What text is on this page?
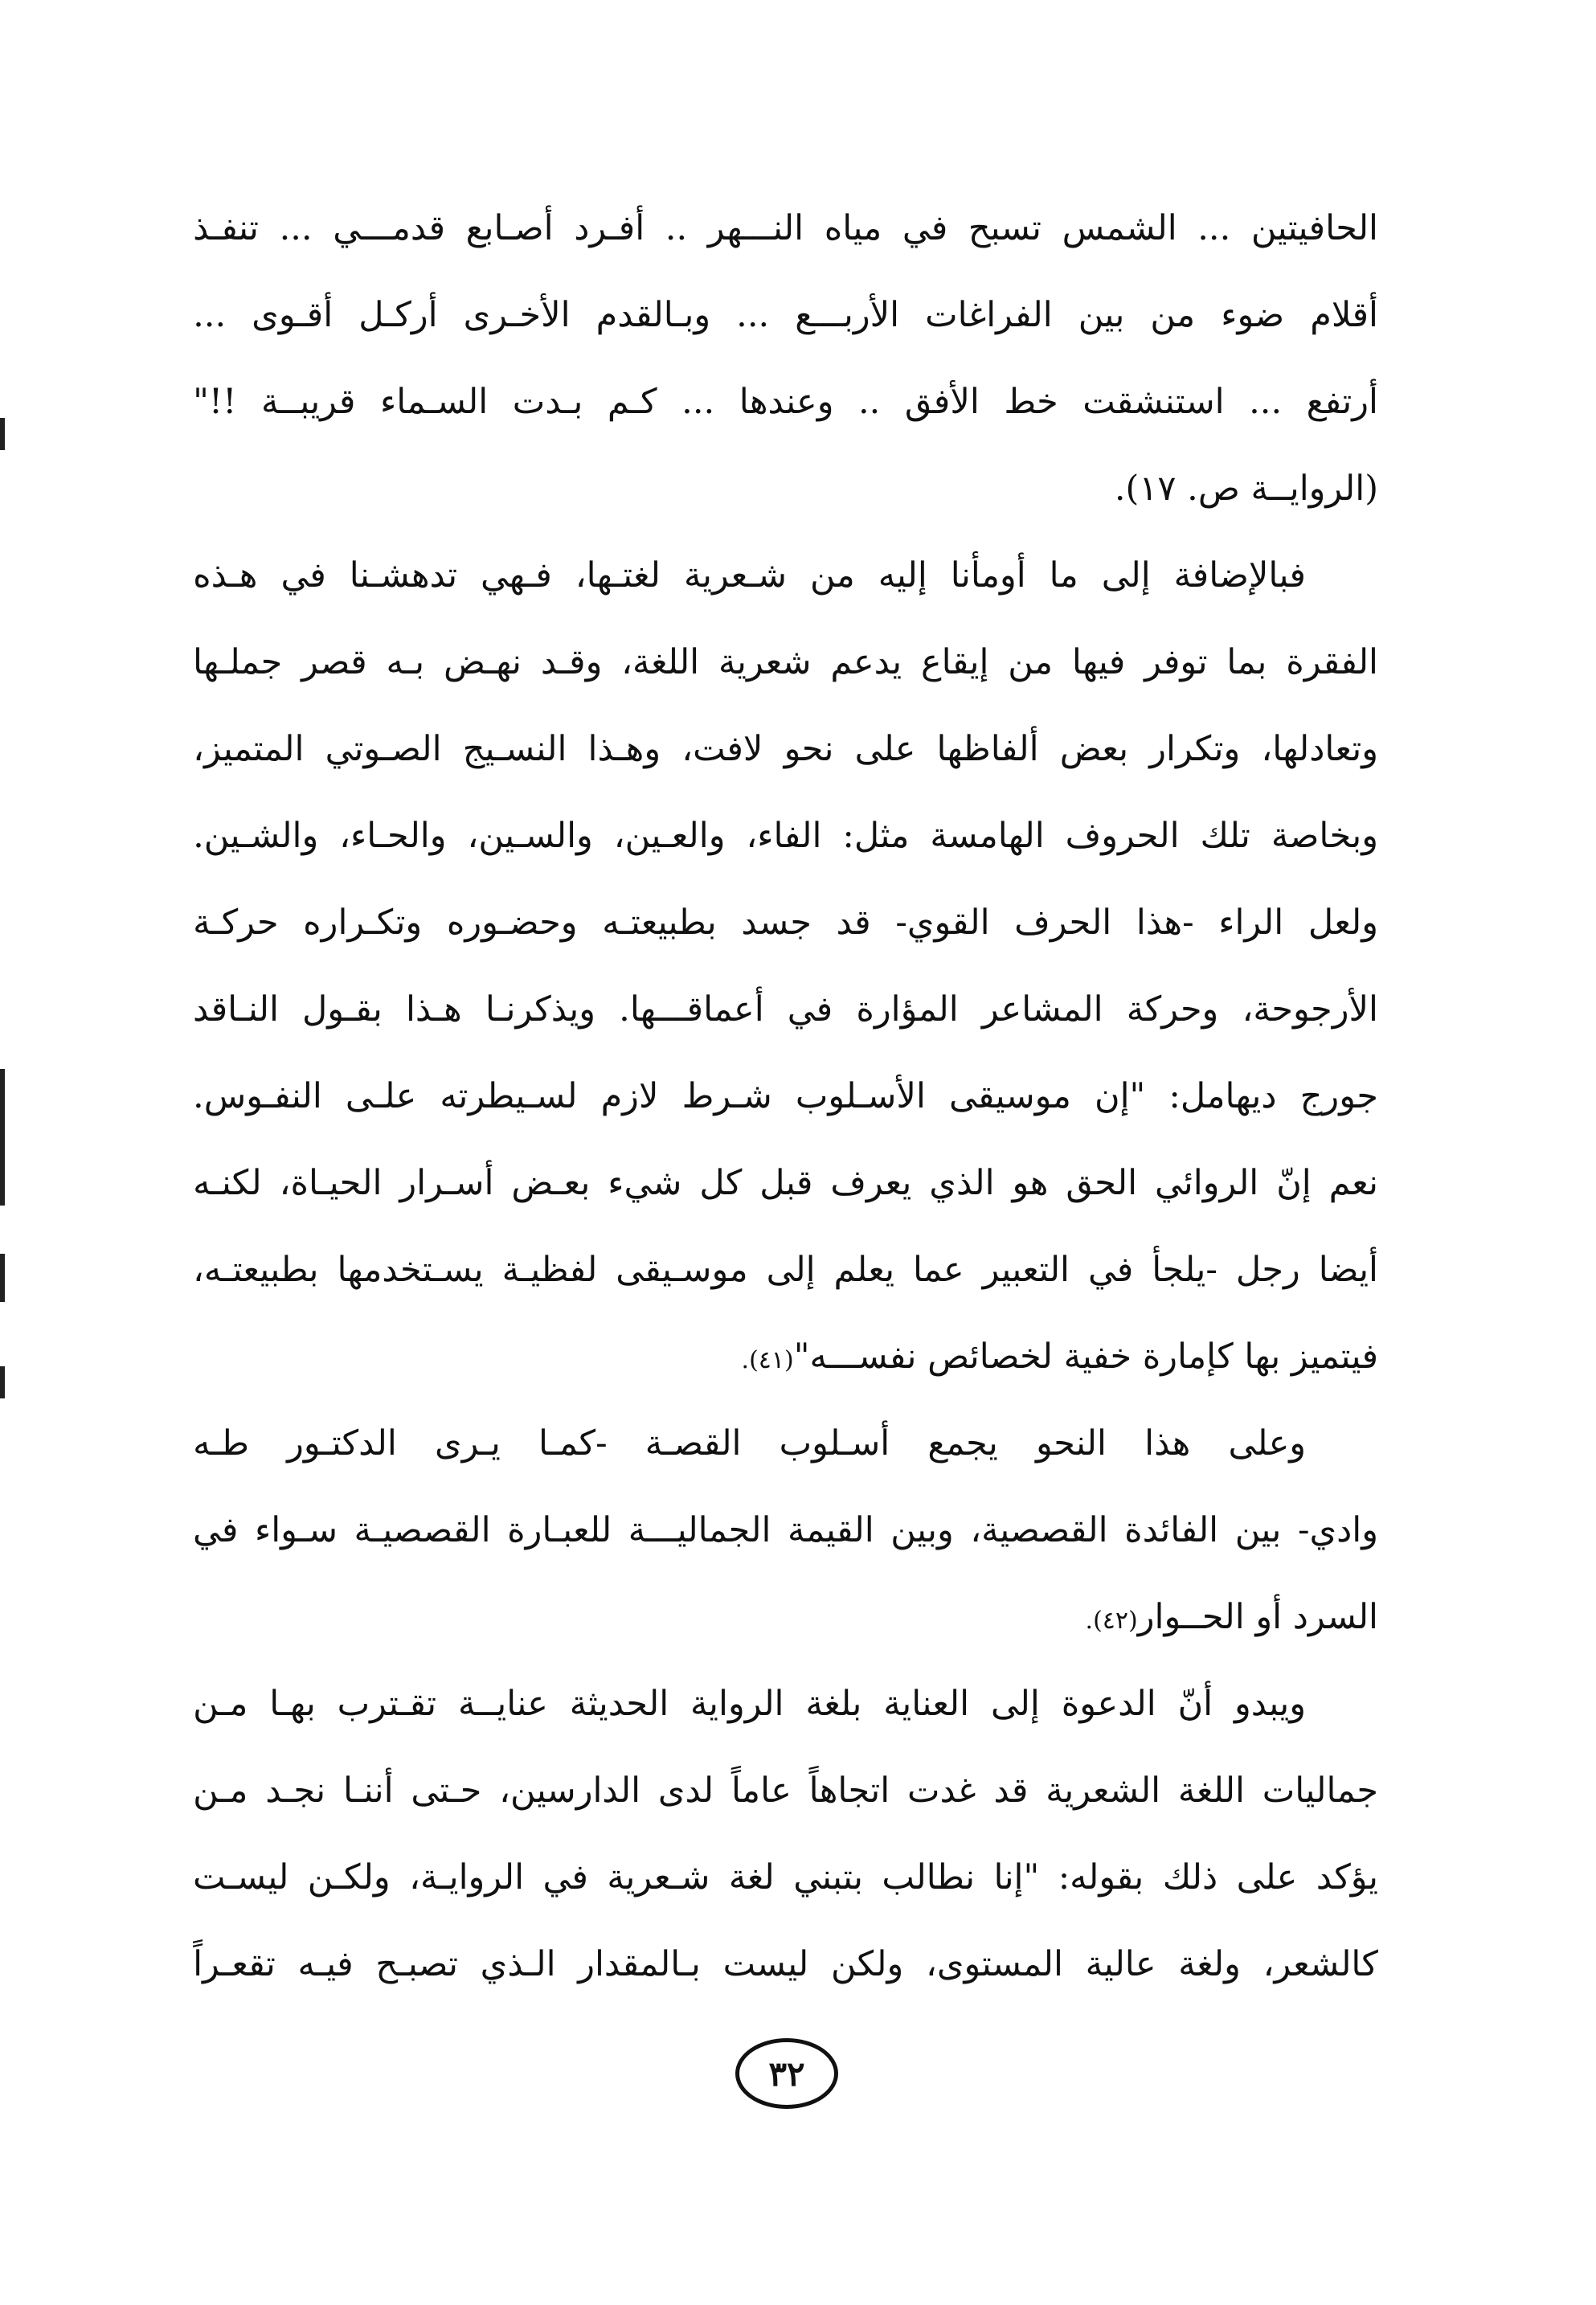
الحافيتين
...
الشمس
تسبح
في
مياه
النـــهر
..
أفـرد
أصـابع
قدمـــي
...
تنفـذ
أقلام
ضوء
من
بين
الفراغات
الأربـــع
...
وبـالقدم
الأخـرى
أركـل
أقـوى
...
أرتفع
...
استنشقت
خط
الأفق
..
وعندها
...
كـم
بـدت
السـماء
قريبــة
!!"
(الروايــة ص. ١٧).
فبالإضافة
إلى
ما
أومأنا
إليه
من
شـعرية
لغتـها،
فـهي
تدهشـنا
في
هـذه
الفقرة
بما
توفر
فيها
من
إيقاع
يدعم
شعرية
اللغة،
وقـد
نهـض
بـه
قصر
جملـها
وتعادلها،
وتكرار
بعض
ألفاظها
على
نحو
لافت،
وهـذا
النسـيج
الصـوتي
المتميز،
وبخاصة
تلك
الحروف
الهامسة
مثل:
الفاء،
والعـين،
والسـين،
والحـاء،
والشـين.
ولعل
الراء
-هذا
الحرف
القوي-
قد
جسد
بطبيعتـه
وحضـوره
وتكـراره
حركـة
الأرجوحة،
وحركة
المشاعر
المؤارة
في
أعماقـــها.
ويذكرنـا
هـذا
بقـول
النـاقد
جورج
ديهامل:
"إن
موسيقى
الأسـلوب
شـرط
لازم
لسـيطرته
علـى
النفـوس.
نعم
إنّ
الروائي
الحق
هو
الذي
يعرف
قبل
كل
شيء
بعـض
أسـرار
الحيـاة،
لكنـه
أيضا
رجل
-يلجأ
في
التعبير
عما
يعلم
إلى
موسـيقى
لفظيـة
يسـتخدمها
بطبيعتـه،
فيتميز بها كإمارة خفية لخصائص نفســـه"
(٤١).
وعلى
هذا
النحو
يجمع
أسـلوب
القصـة
-كمـا
يـرى
الدكتـور
طـه
وادي-
بين
الفائدة
القصصية،
وبين
القيمة
الجماليـــة
للعبـارة
القصصيـة
سـواء
في
السرد أو الحــوار
(٤٢).
ويبدو
أنّ
الدعوة
إلى
العناية
بلغة
الرواية
الحديثة
عنايــة
تقـترب
بهـا
مـن
جماليات
اللغة
الشعرية
قد
غدت
اتجاهاً
عاماً
لدى
الدارسين،
حـتى
أننـا
نجـد
مـن
يؤكد
على
ذلك
بقوله:
"إنا
نطالب
بتبني
لغة
شـعرية
في
الروايـة،
ولكـن
ليسـت
كالشعر،
ولغة
عالية
المستوى،
ولكن
ليست
بـالمقدار
الـذي
تصبـح
فيـه
تقعـراً
٣٢
